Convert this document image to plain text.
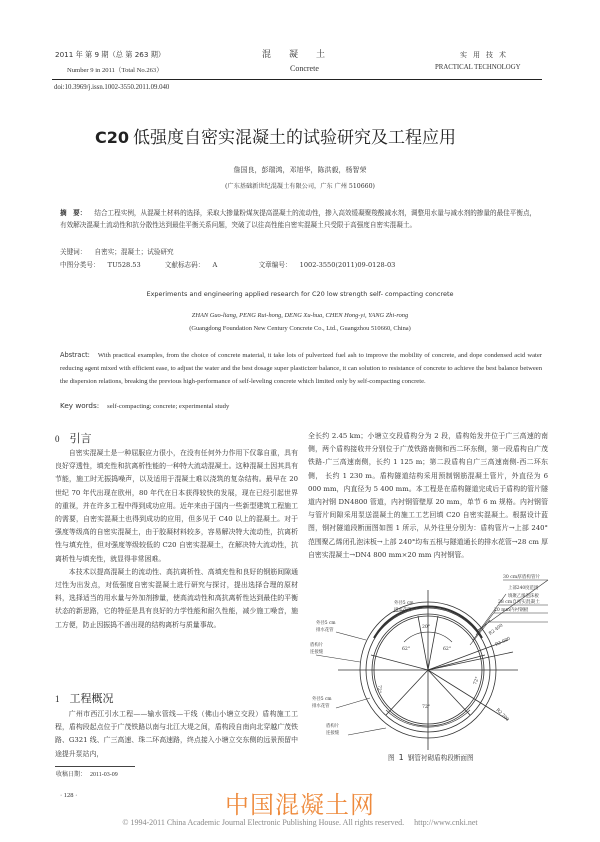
2011 年 第 9 期（总 第 263 期）
Number 9 in 2011（Total No.263）
混凝土
Concrete
实用技术
PRACTICAL TECHNOLOGY
doi:10.3969/j.issn.1002-3550.2011.09.040
C20 低强度自密实混凝土的试验研究及工程应用
詹国良，彭瑞鸿，邓旭华，陈洪毅，杨智荣
(广东基础新世纪混凝土有限公司，广东 广州 510660)
摘　要： 结合工程实例，从混凝土材料的选择，采取大掺量粉煤灰提高混凝土的流动性，掺入高效缓凝聚羧酸减水剂，调整用水量与减水剂的掺量的最佳平衡点，有效解决混凝土流动性和抗分散性达到最佳平衡关系问题，突破了以往高性能自密实混凝土只受限于高强度自密实混凝土。
关键词： 自密实；混凝土；试验研究
中图分类号： TU528.53	文献标志码： A	文章编号： 1002-3550(2011)09-0128-03
Experiments and engineering applied research for C20 low strength self- compacting concrete
ZHAN Guo-liang, PENG Rui-hong, DENG Xu-hua, CHEN Hong-yi, YANG Zhi-rong
(Guangdong Foundation New Century Concrete Co., Ltd., Guangzhou 510660, China)
Abstract: With practical examples, from the choice of concrete material, it take lots of pulverized fuel ash to improve the mobility of concrete, and dope condensed acid water reducing agent mixed with efficient ease, to adjust the water and the best dosage super plasticizer balance, it can solution to resistance of concrete to achieve the best balance between the dispersion relations, breaking the previous high-performance of self-leveling concrete which limited only by self-compacting concrete.
Key words: self-compacting; concrete; experimental study
0 引言
自密实混凝土是一种屈服应力很小，在没有任何外力作用下仅靠自重，具有良好穿透性，填充性和抗离析性能的一种特大流动混凝土。这种混凝土因其具有节能，施工时无振捣噪声，以及适用于混凝土难以浇筑的复杂结构。最早在 20 世纪 70 年代出现在欧州，80 年代在日本获得较快的发展，现在已经引起世界的重视，并在许多工程中得到成功应用。近年来由于国内一些新型建筑工程施工的需要，自密实混凝土也得到成功的应用，但多见于 C40 以上的混凝土。对于强度等级高的自密实混凝土，由于胶凝材料较多，容易解决特大流动性，抗离析性与填充性，但对强度等级较低的 C20 自密实混凝土，在解决特大流动性，抗离析性与填充性，就显得非常困难。
本技术以提高混凝土的流动性、高抗离析性、高填充性和良好的钢筋间隙通过性为出发点，对低强度自密实混凝土进行研究与探讨，提出选择合理的原材料，选择适当的用水量与外加剂掺量，使高流动性和高抗离析性达到最佳的平衡状态的新思路，它的特征是具有良好的力学性能和耐久性能，减少施工噪音，施工方便，防止因振捣不善出现的结构离析与质量事故。
1 工程概况
广州市西江引水工程——输水管线—干线（佛山小塘立交段）盾构施工工程，盾构段起点位于广茂铁路以南与北江大堤之间，盾构段自南向北穿越广茂铁路、G321 线、广三高速、珠二环高速路，终点接入小塘立交东侧的远景预留中途提升泵站内，
全长约 2.45 km；小塘立交段盾构分为 2 段，盾构始发井位于广三高速的南侧，两个盾构接收井分别位于广茂铁路南侧和西二环东侧，第一段盾构自广茂铁路-广三高速南侧，长约 1 125 m；第二段盾构自广三高速南侧-西二环东侧， 长约 1 230 m。盾构隧道结构采用预制钢筋混凝土管片，外直径为 6 000 mm，内直径为 5 400 mm。本工程是在盾构隧道完成后于盾构的管片隧道内衬钢 DN4800 管道，内衬钢管壁厚 20 mm，单节 6 m 规格。内衬钢管与管片间隙采用泵送混凝土的施工工艺回填 C20 自密实混凝土。根据设计蓝图，钢衬隧道段断面图如图 1 所示，从外往里分别为：盾构管片→上部 240°范围聚乙烯闭孔泡沫板→上部 240°均布五根与隧道通长的排水花管→28 cm 厚自密实混凝土→DN4 800 mm×20 mm 内衬钢管。
收稿日期： 2011-03-09
30 cm厚盾构管片
上部240度范围
填聚乙烯泡沫板
28 cm自密实混凝土
20 mm内衬钢板
外径5 cm
排水花管
外径5 cm
排水花管
盾构片
连接缝
外径5 cm
排水花管
盾构片
连接缝
R2 400
R3 000
R2 700
20°
62°	62°
72°
72°
72°
图 1 钢管衬砌盾构段断面图
· 128 ·	中国混凝土网
© 1994-2011 China Academic Journal Electronic Publishing House. All rights reserved.　 http://www.cnki.net
